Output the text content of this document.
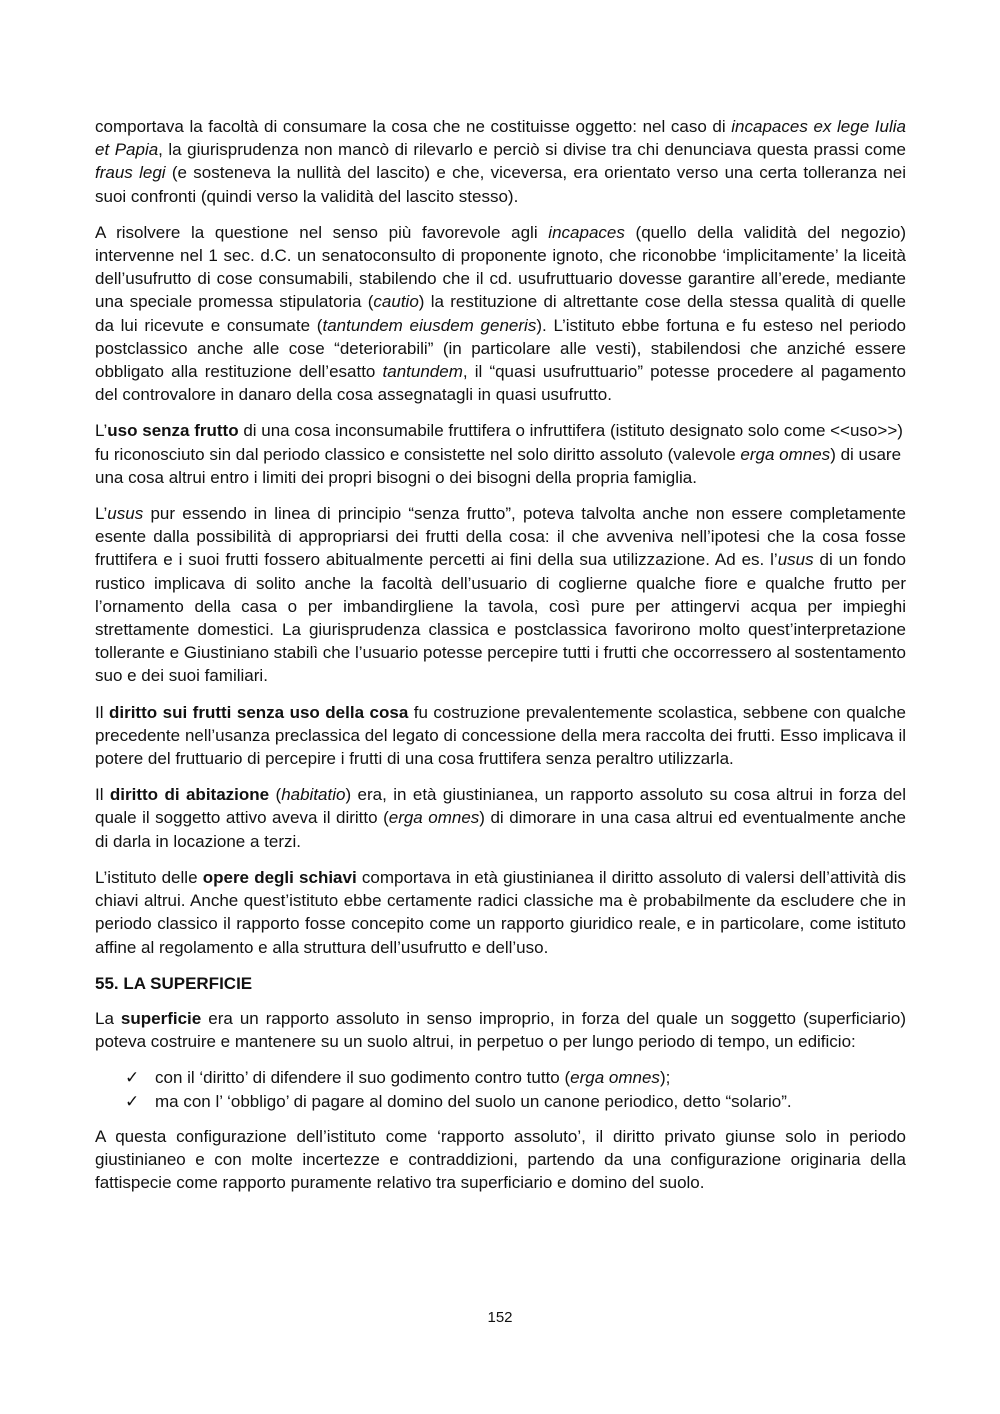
comportava la facoltà di consumare la cosa che ne costituisse oggetto: nel caso di incapaces ex lege Iulia et Papia, la giurisprudenza non mancò di rilevarlo e perciò si divise tra chi denunciava questa prassi come fraus legi (e sosteneva la nullità del lascito) e che, viceversa, era orientato verso una certa tolleranza nei suoi confronti (quindi verso la validità del lascito stesso).

A risolvere la questione nel senso più favorevole agli incapaces (quello della validità del negozio) intervenne nel 1 sec. d.C. un senatoconsulto di proponente ignoto, che riconobbe ‘implicitamente’ la liceità dell’usufrutto di cose consumabili, stabilendo che il cd. usufruttuario dovesse garantire all’erede, mediante una speciale promessa stipulatoria (cautio) la restituzione di altrettante cose della stessa qualità di quelle da lui ricevute e consumate (tantundem eiusdem generis). L’istituto ebbe fortuna e fu esteso nel periodo postclassico anche alle cose “deteriorabili” (in particolare alle vesti), stabilendosi che anziché essere obbligato alla restituzione dell’esatto tantundem, il “quasi usufruttuario” potesse procedere al pagamento del controvalore in danaro della cosa assegnatagli in quasi usufrutto.

L’uso senza frutto di una cosa inconsumabile fruttifera o infruttifera (istituto designato solo come <<uso>>) fu riconosciuto sin dal periodo classico e consistette nel solo diritto assoluto (valevole erga omnes) di usare una cosa altrui entro i limiti dei propri bisogni o dei bisogni della propria famiglia.

L’usus pur essendo in linea di principio “senza frutto”, poteva talvolta anche non essere completamente esente dalla possibilità di appropriarsi dei frutti della cosa: il che avveniva nell’ipotesi che la cosa fosse fruttifera e i suoi frutti fossero abitualmente percetti ai fini della sua utilizzazione. Ad es. l’usus di un fondo rustico implicava di solito anche la facoltà dell’usuario di coglierne qualche fiore e qualche frutto per l’ornamento della casa o per imbandirgliene la tavola, così pure per attingervi acqua per impieghi strettamente domestici. La giurisprudenza classica e postclassica favorirono molto quest’interpretazione tollerante e Giustiniano stabilì che l’usuario potesse percepire tutti i frutti che occorressero al sostentamento suo e dei suoi familiari.

Il diritto sui frutti senza uso della cosa fu costruzione prevalentemente scolastica, sebbene con qualche precedente nell’usanza preclassica del legato di concessione della mera raccolta dei frutti. Esso implicava il potere del fruttuario di percepire i frutti di una cosa fruttifera senza peraltro utilizzarla.

Il diritto di abitazione (habitatio) era, in età giustinianea, un rapporto assoluto su cosa altrui in forza del quale il soggetto attivo aveva il diritto (erga omnes) di dimorare in una casa altrui ed eventualmente anche di darla in locazione a terzi.

L’istituto delle opere degli schiavi comportava in età giustinianea il diritto assoluto di valersi dell’attività dis chiavi altrui. Anche quest’istituto ebbe certamente radici classiche ma è probabilmente da escludere che in periodo classico il rapporto fosse concepito come un rapporto giuridico reale, e in particolare, come istituto affine al regolamento e alla struttura dell’usufrutto e dell’uso.

55. LA SUPERFICIE

La superficie era un rapporto assoluto in senso improprio, in forza del quale un soggetto (superficiario) poteva costruire e mantenere su un suolo altrui, in perpetuo o per lungo periodo di tempo, un edificio:

✓ con il ‘diritto’ di difendere il suo godimento contro tutto (erga omnes);
✓ ma con l’ ‘obbligo’ di pagare al domino del suolo un canone periodico, detto “solario”.

A questa configurazione dell’istituto come ‘rapporto assoluto’, il diritto privato giunse solo in periodo giustinianeo e con molte incertezze e contraddizioni, partendo da una configurazione originaria della fattispecie come rapporto puramente relativo tra superficiario e domino del suolo.

152
